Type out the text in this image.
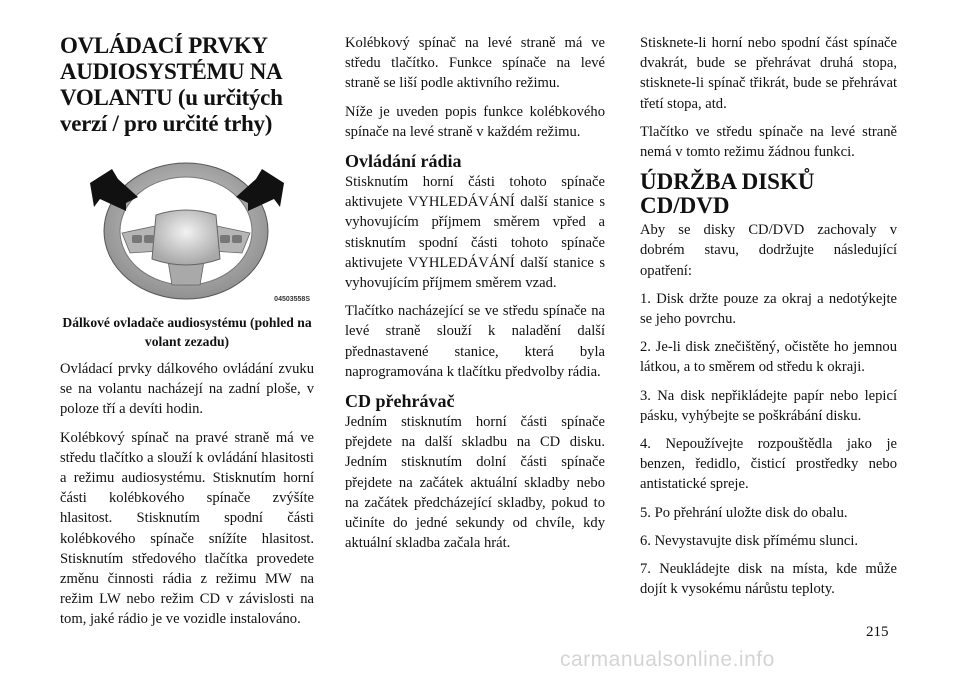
OVLÁDACÍ PRVKY
AUDIOSYSTÉMU NA
VOLANTU (u určitých
verzí / pro určité trhy)
04503558S
Dálkové ovladače audiosystému (pohled na volant zezadu)

Ovládací prvky dálkového ovládání zvuku se na volantu nacházejí na zadní ploše, v poloze tří a devíti hodin.

Kolébkový spínač na pravé straně má ve středu tlačítko a slouží k ovládání hlasitosti a režimu audiosystému. Stisknutím horní části kolébkového spínače zvýšíte hlasitost. Stisknutím spodní části kolébkového spínače snížíte hlasitost. Stisknutím středového tlačítka provedete změnu činnosti rádia z režimu MW na režim LW nebo režim CD v závislosti na tom, jaké rádio je ve vozidle instalováno.

Kolébkový spínač na levé straně má ve středu tlačítko. Funkce spínače na levé straně se liší podle aktivního režimu.

Níže je uveden popis funkce kolébkového spínače na levé straně v každém režimu.

Ovládání rádia

Stisknutím horní části tohoto spínače aktivujete VYHLEDÁVÁNÍ další stanice s vyhovujícím příjmem směrem vpřed a stisknutím spodní části tohoto spínače aktivujete VYHLEDÁVÁNÍ další stanice s vyhovujícím příjmem směrem vzad.

Tlačítko nacházející se ve středu spínače na levé straně slouží k naladění další přednastavené stanice, která byla naprogramována k tlačítku předvolby rádia.

CD přehrávač

Jedním stisknutím horní části spínače přejdete na další skladbu na CD disku. Jedním stisknutím dolní části spínače přejdete na začátek aktuální skladby nebo na začátek předcházející skladby, pokud to učiníte do jedné sekundy od chvíle, kdy aktuální skladba začala hrát.

Stisknete-li horní nebo spodní část spínače dvakrát, bude se přehrávat druhá stopa, stisknete-li spínač třikrát, bude se přehrávat třetí stopa, atd.

Tlačítko ve středu spínače na levé straně nemá v tomto režimu žádnou funkci.

ÚDRŽBA DISKŮ
CD/DVD

Aby se disky CD/DVD zachovaly v dobrém stavu, dodržujte následující opatření:

1. Disk držte pouze za okraj a nedotýkejte se jeho povrchu.

2. Je-li disk znečištěný, očistěte ho jemnou látkou, a to směrem od středu k okraji.

3. Na disk nepřikládejte papír nebo lepicí pásku, vyhýbejte se poškrábání disku.

4. Nepoužívejte rozpouštědla jako je benzen, ředidlo, čisticí prostředky nebo antistatické spreje.

5. Po přehrání uložte disk do obalu.

6. Nevystavujte disk přímému slunci.

7. Neukládejte disk na místa, kde může dojít k vysokému nárůstu teploty.

215
carmanualsonline.info
